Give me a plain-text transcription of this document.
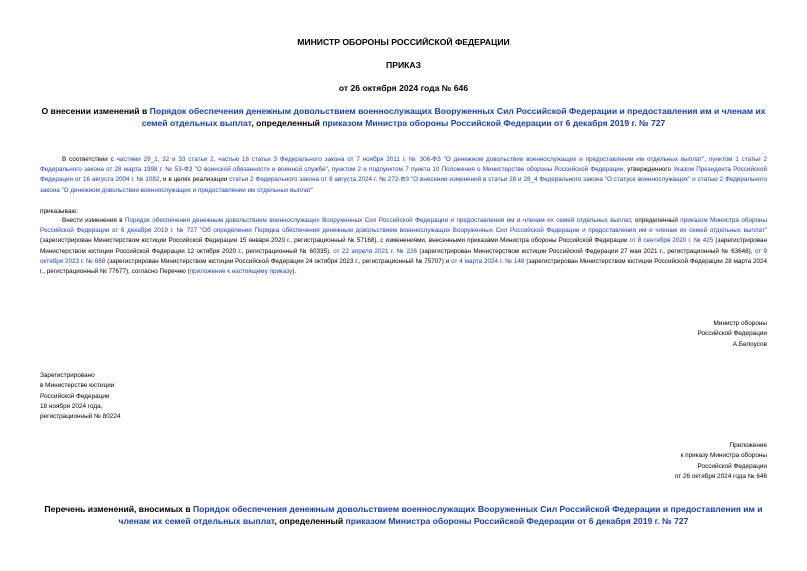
МИНИСТР ОБОРОНЫ РОССИЙСКОЙ ФЕДЕРАЦИИ
ПРИКАЗ
от 26 октября 2024 года № 646
О внесении изменений в Порядок обеспечения денежным довольствием военнослужащих Вооруженных Сил Российской Федерации и предоставления им и членам их семей отдельных выплат, определенный приказом Министра обороны Российской Федерации от 6 декабря 2019 г. № 727
В соответствии с частями 29_1, 32 и 33 статьи 2, частью 18 статьи 3 Федерального закона от 7 ноября 2011 г. № 306-ФЗ "О денежном довольствии военнослужащих и предоставлении им отдельных выплат", пунктом 1 статьи 2 Федерального закона от 28 марта 1998 г. № 53-ФЗ "О воинской обязанности и военной службе", пунктом 2 и подпунктом 7 пункта 10 Положения о Министерстве обороны Российской Федерации, утвержденного Указом Президента Российской Федерации от 16 августа 2004 г. № 1082, и в целях реализации статьи 2 Федерального закона от 8 августа 2024 г. № 272-ФЗ "О внесении изменений в статьи 28 и 28_4 Федерального закона "О статусе военнослужащих" и статью 2 Федерального закона "О денежном довольствии военнослужащих и предоставлении им отдельных выплат"
приказываю:
Внести изменения в Порядок обеспечения денежным довольствием военнослужащих Вооруженных Сил Российской Федерации и предоставления им и членам их семей отдельных выплат, определенный приказом Министра обороны Российской Федерации от 6 декабря 2019 г. № 727 "Об определении Порядка обеспечения денежным довольствием военнослужащих Вооруженных Сил Российской Федерации и предоставления им и членам их семей отдельных выплат" (зарегистрирован Министерством юстиции Российской Федерации 15 января 2020 г., регистрационный № 57168), с изменениями, внесенными приказами Министра обороны Российской Федерации от 8 сентября 2020 г. № 425 (зарегистрирован Министерством юстиции Российской Федерации 12 октября 2020 г., регистрационный № 60335), от 22 апреля 2021 г. № 226 (зарегистрирован Министерством юстиции Российской Федерации 27 мая 2021 г., регистрационный № 63648), от 9 октября 2023 г. № 688 (зарегистрирован Министерством юстиции Российской Федерации 24 октября 2023 г., регистрационный № 75707) и от 4 марта 2024 г. № 148 (зарегистрирован Министерством юстиции Российской Федерации 28 марта 2024 г., регистрационный № 77677), согласно Перечню (приложение к настоящему приказу).
Министр обороны
Российской Федерации
А.Белоусов
Зарегистрировано
в Министерстве юстиции
Российской Федерации
18 ноября 2024 года,
регистрационный № 80224
Приложение
к приказу Министра обороны
Российской Федерации
от 26 октября 2024 года № 646
Перечень изменений, вносимых в Порядок обеспечения денежным довольствием военнослужащих Вооруженных Сил Российской Федерации и предоставления им и членам их семей отдельных выплат, определенный приказом Министра обороны Российской Федерации от 6 декабря 2019 г. № 727
